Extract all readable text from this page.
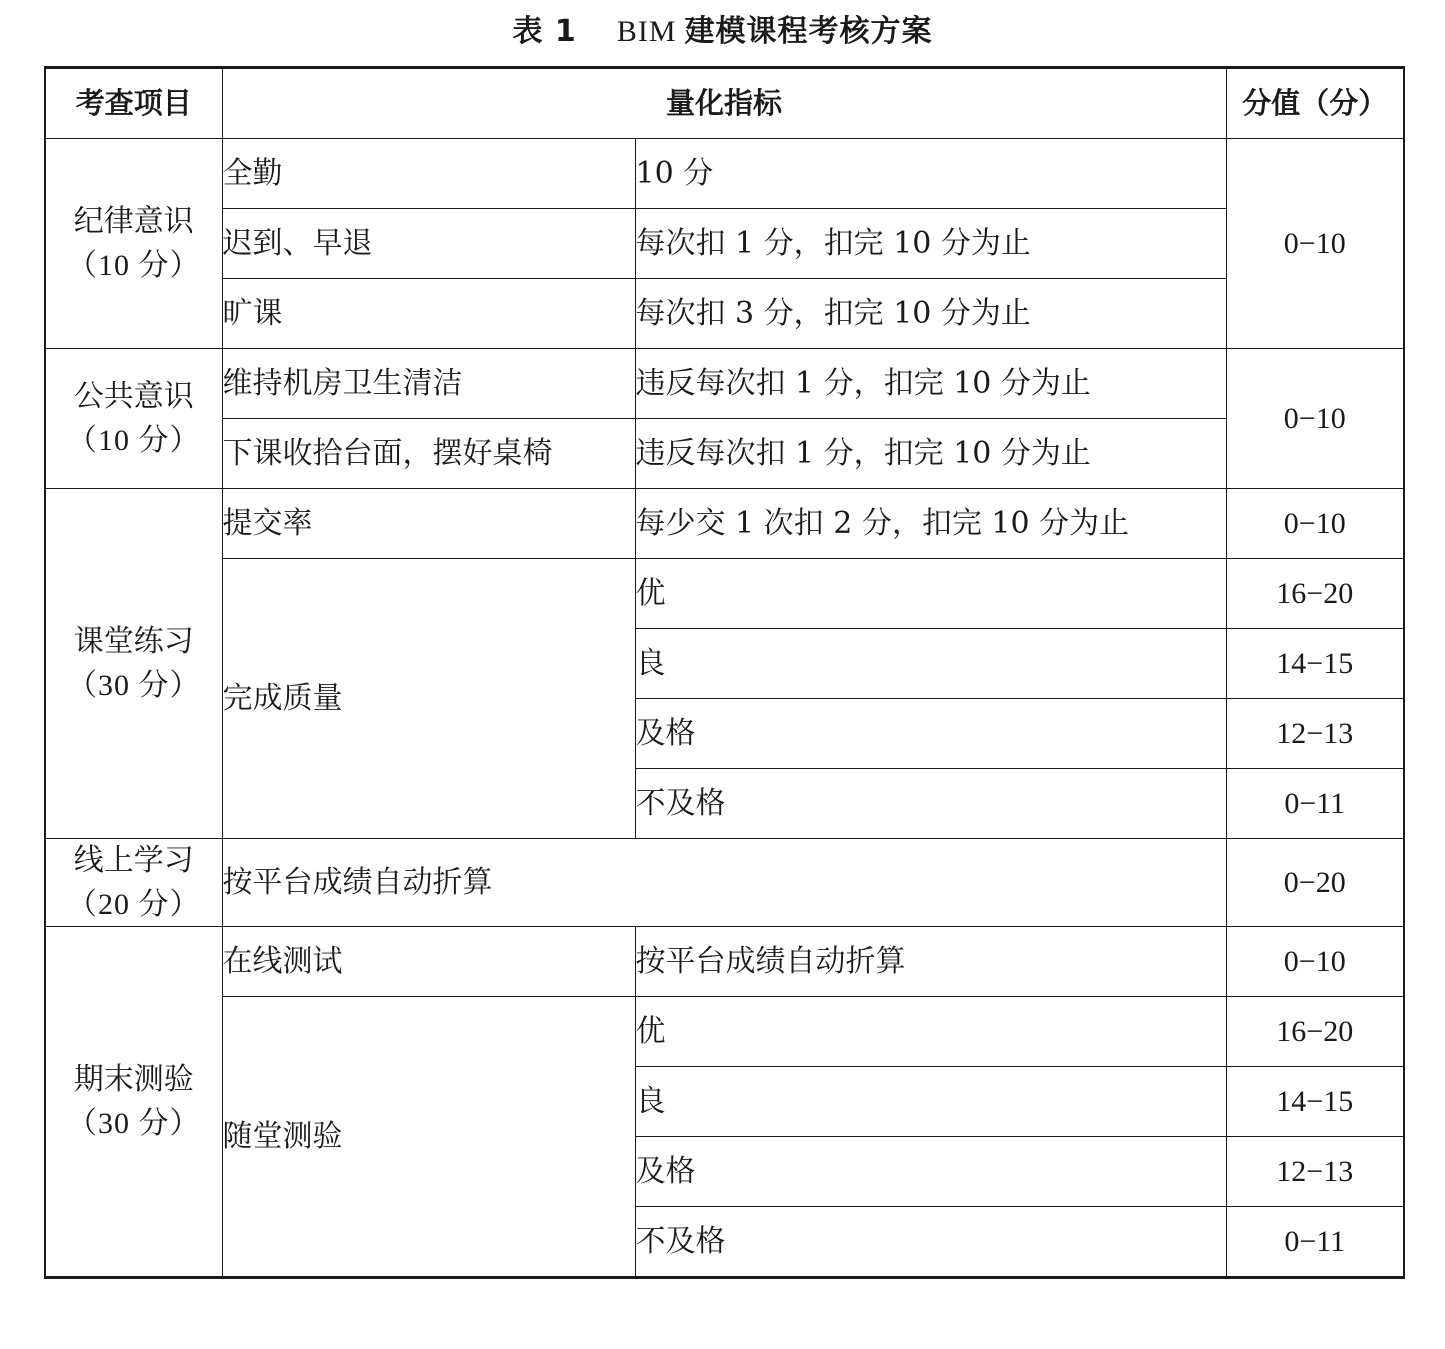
表 1 BIM 建模课程考核方案
考查项目	量化指标		分值（分）
纪律意识
（10 分）	全勤	10 分	0−10
	迟到、早退	每次扣 1 分，扣完 10 分为止	
	旷课	每次扣 3 分，扣完 10 分为止	
公共意识
（10 分）	维持机房卫生清洁	违反每次扣 1 分，扣完 10 分为止	0−10
	下课收拾台面，摆好桌椅	违反每次扣 1 分，扣完 10 分为止	
课堂练习
（30 分）	提交率	每少交 1 次扣 2 分，扣完 10 分为止	0−10
	完成质量	优	16−20
		良	14−15
		及格	12−13
		不及格	0−11
线上学习
（20 分）	按平台成绩自动折算		0−20
期末测验
（30 分）	在线测试	按平台成绩自动折算	0−10
	随堂测验	优	16−20
		良	14−15
		及格	12−13
		不及格	0−11
